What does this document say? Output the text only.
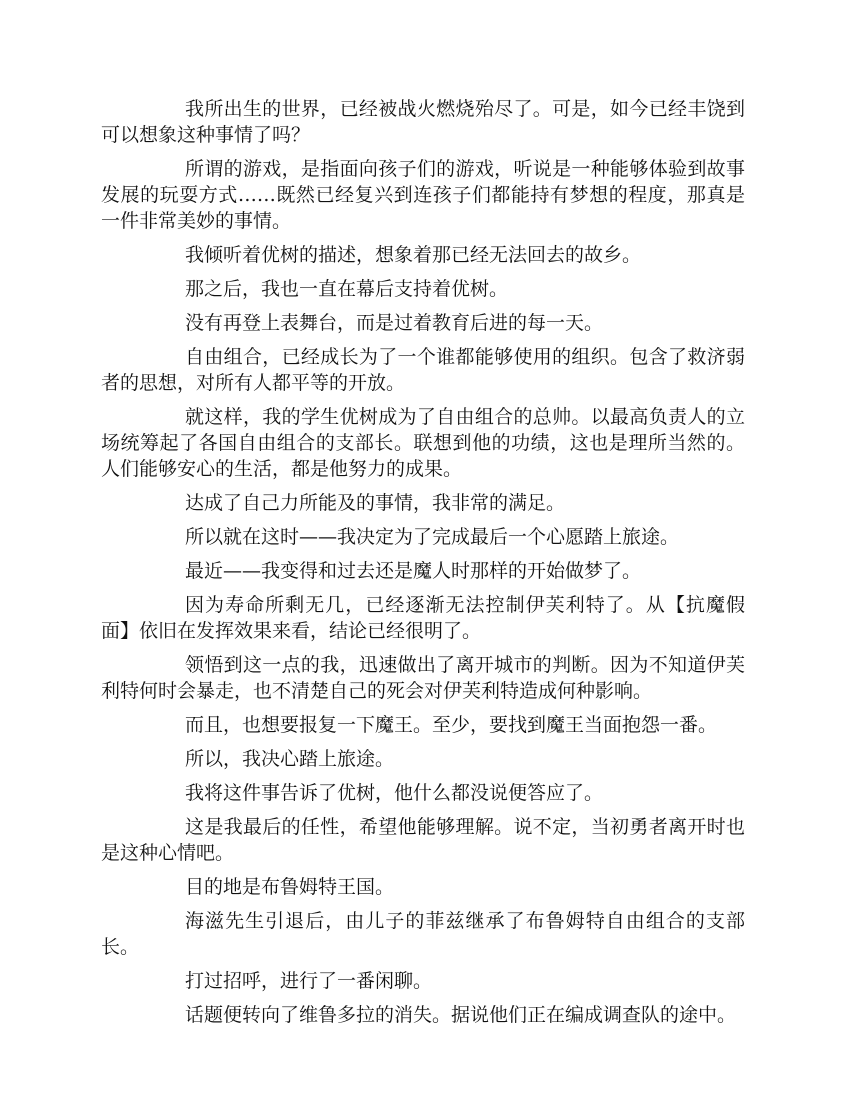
我所出生的世界，已经被战火燃烧殆尽了。可是，如今已经丰饶到可以想象这种事情了吗？

所谓的游戏，是指面向孩子们的游戏，听说是一种能够体验到故事发展的玩耍方式……既然已经复兴到连孩子们都能持有梦想的程度，那真是一件非常美妙的事情。

我倾听着优树的描述，想象着那已经无法回去的故乡。

那之后，我也一直在幕后支持着优树。

没有再登上表舞台，而是过着教育后进的每一天。

自由组合，已经成长为了一个谁都能够使用的组织。包含了救济弱者的思想，对所有人都平等的开放。

就这样，我的学生优树成为了自由组合的总帅。以最高负责人的立场统筹起了各国自由组合的支部长。联想到他的功绩，这也是理所当然的。人们能够安心的生活，都是他努力的成果。

达成了自己力所能及的事情，我非常的满足。

所以就在这时——我决定为了完成最后一个心愿踏上旅途。

最近——我变得和过去还是魔人时那样的开始做梦了。

因为寿命所剩无几，已经逐渐无法控制伊芙利特了。从【抗魔假面】依旧在发挥效果来看，结论已经很明了。

领悟到这一点的我，迅速做出了离开城市的判断。因为不知道伊芙利特何时会暴走，也不清楚自己的死会对伊芙利特造成何种影响。

而且，也想要报复一下魔王。至少，要找到魔王当面抱怨一番。

所以，我决心踏上旅途。

我将这件事告诉了优树，他什么都没说便答应了。

这是我最后的任性，希望他能够理解。说不定，当初勇者离开时也是这种心情吧。

目的地是布鲁姆特王国。

海滋先生引退后，由儿子的菲兹继承了布鲁姆特自由组合的支部长。

打过招呼，进行了一番闲聊。

话题便转向了维鲁多拉的消失。据说他们正在编成调查队的途中。
